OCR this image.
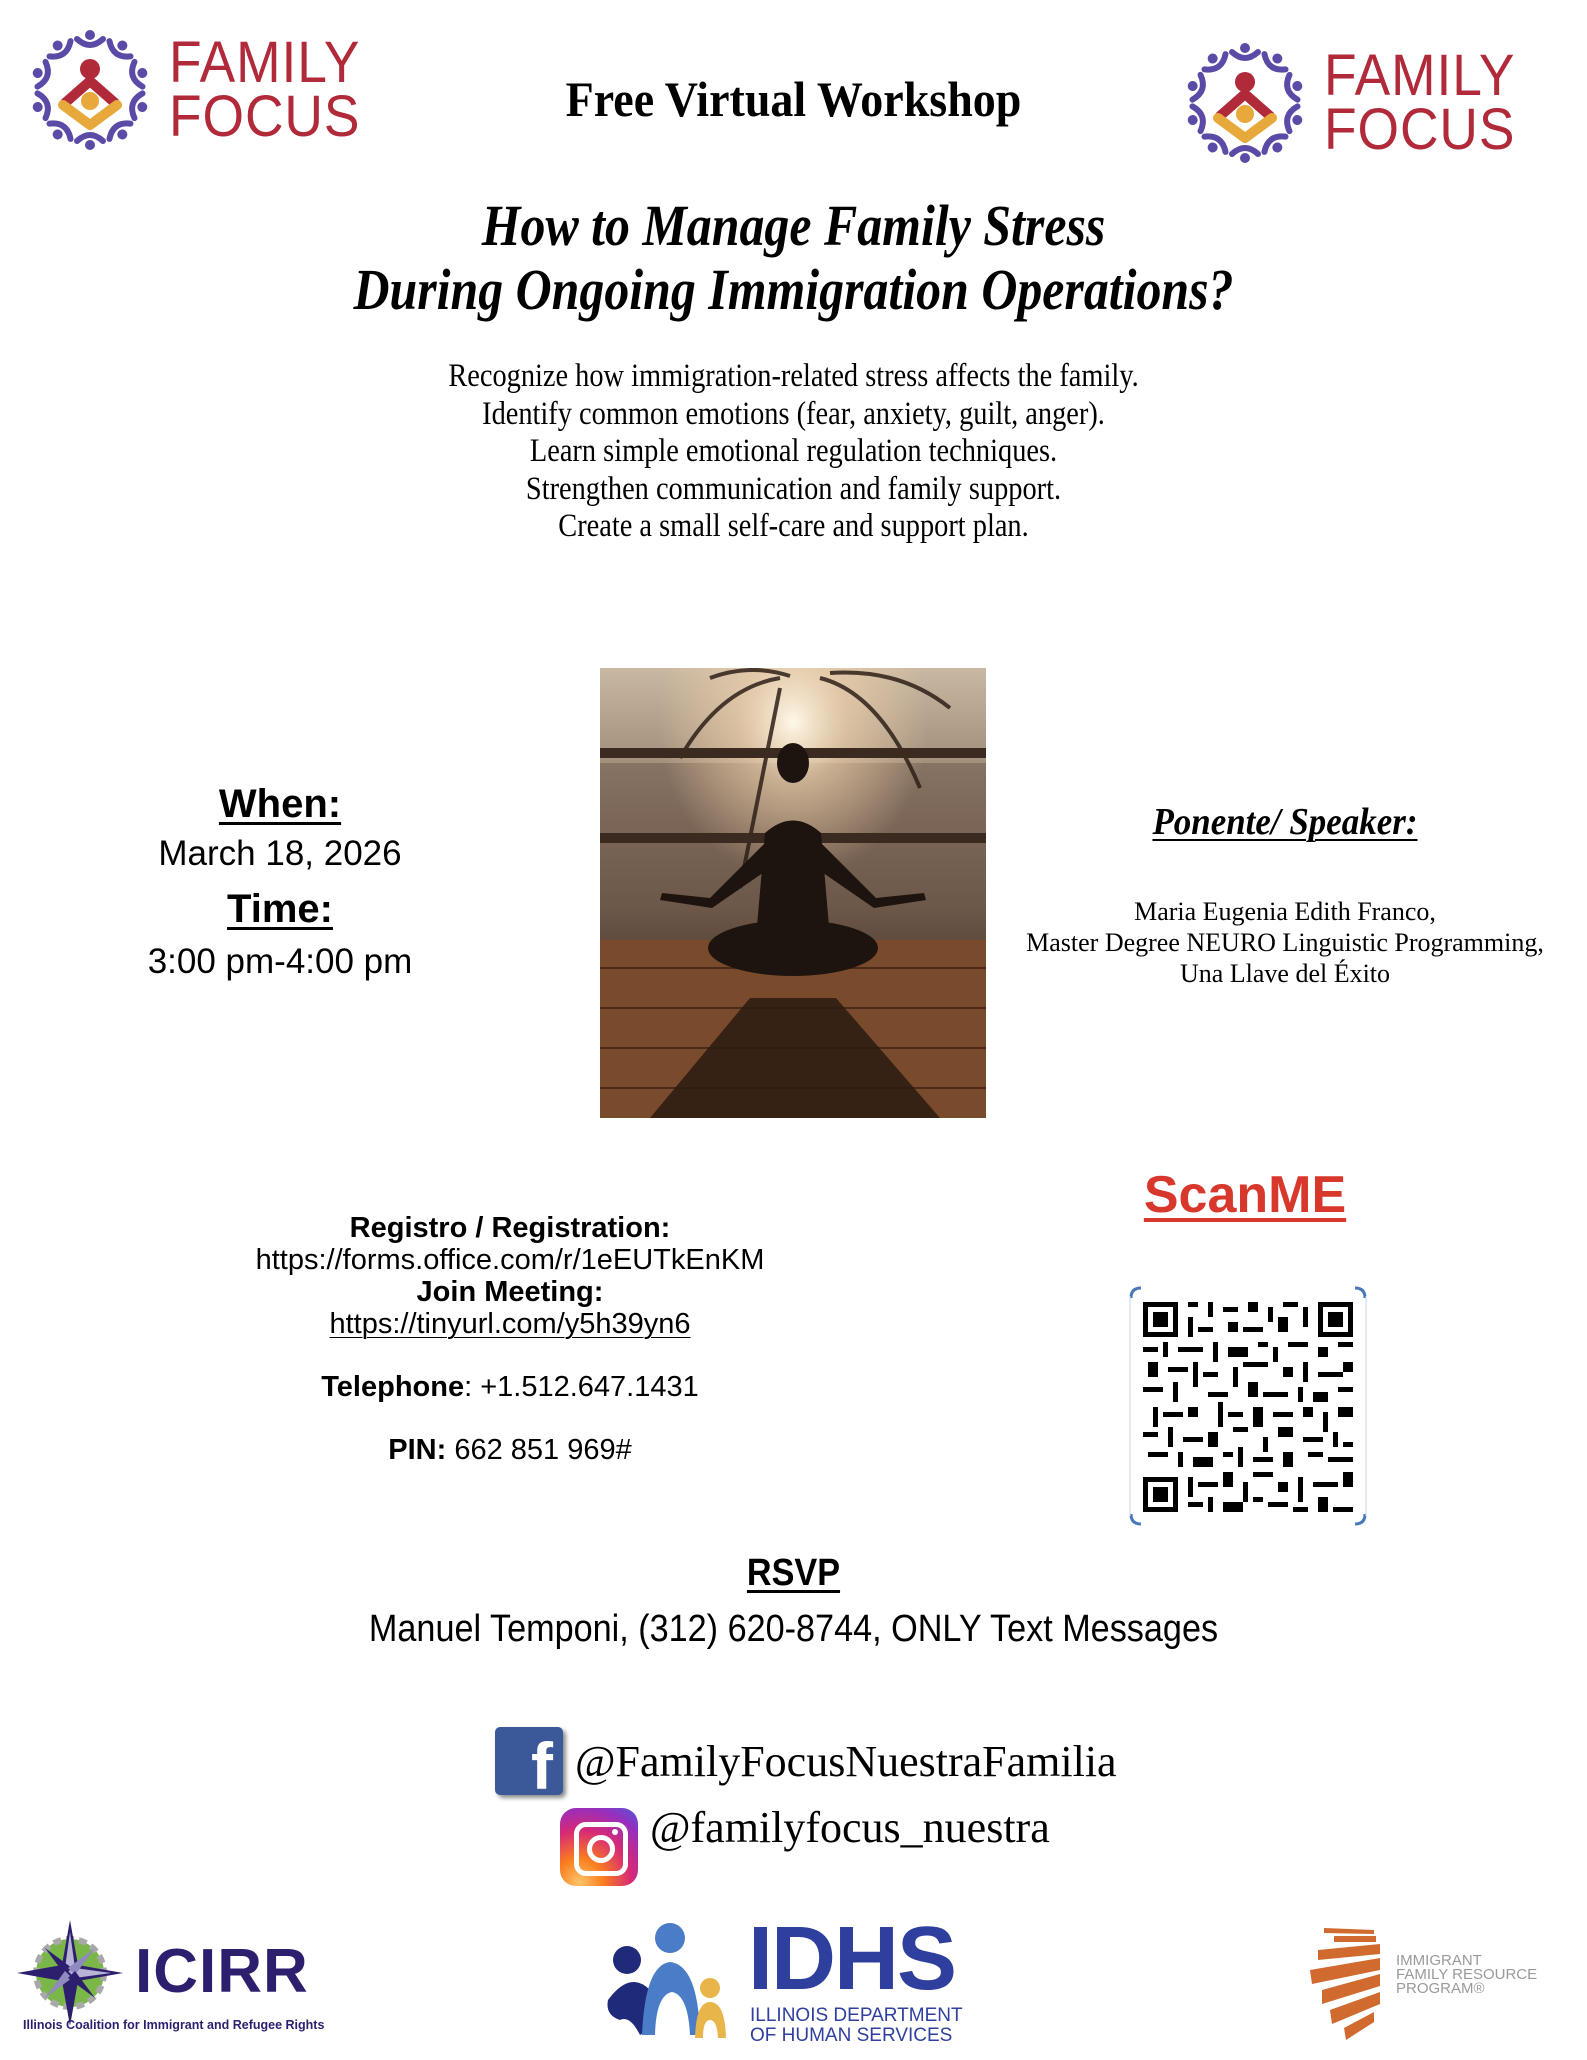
FAMILY
FOCUS
FAMILY
FOCUS
Free Virtual Workshop
How to Manage Family Stress
During Ongoing Immigration Operations?
Recognize how immigration-related stress affects the family.
Identify common emotions (fear, anxiety, guilt, anger).
Learn simple emotional regulation techniques.
Strengthen communication and family support.
Create a small self-care and support plan.
When:
March 18, 2026
Time:
3:00 pm-4:00 pm
Ponente/ Speaker:
Maria Eugenia Edith Franco,
Master Degree NEURO Linguistic Programming,
Una Llave del Éxito
Registro / Registration:
https://forms.office.com/r/1eEUTkEnKM
Join Meeting:
https://tinyurl.com/y5h39yn6
Telephone: +1.512.647.1431
PIN: 662 851 969#
ScanME
RSVP
Manuel Temponi, (312) 620-8744, ONLY Text Messages
f @FamilyFocusNuestraFamilia
@familyfocus_nuestra
ICIRR
Illinois Coalition for Immigrant and Refugee Rights
IDHS
ILLINOIS DEPARTMENT
OF HUMAN SERVICES
IMMIGRANT
FAMILY RESOURCE
PROGRAM®
